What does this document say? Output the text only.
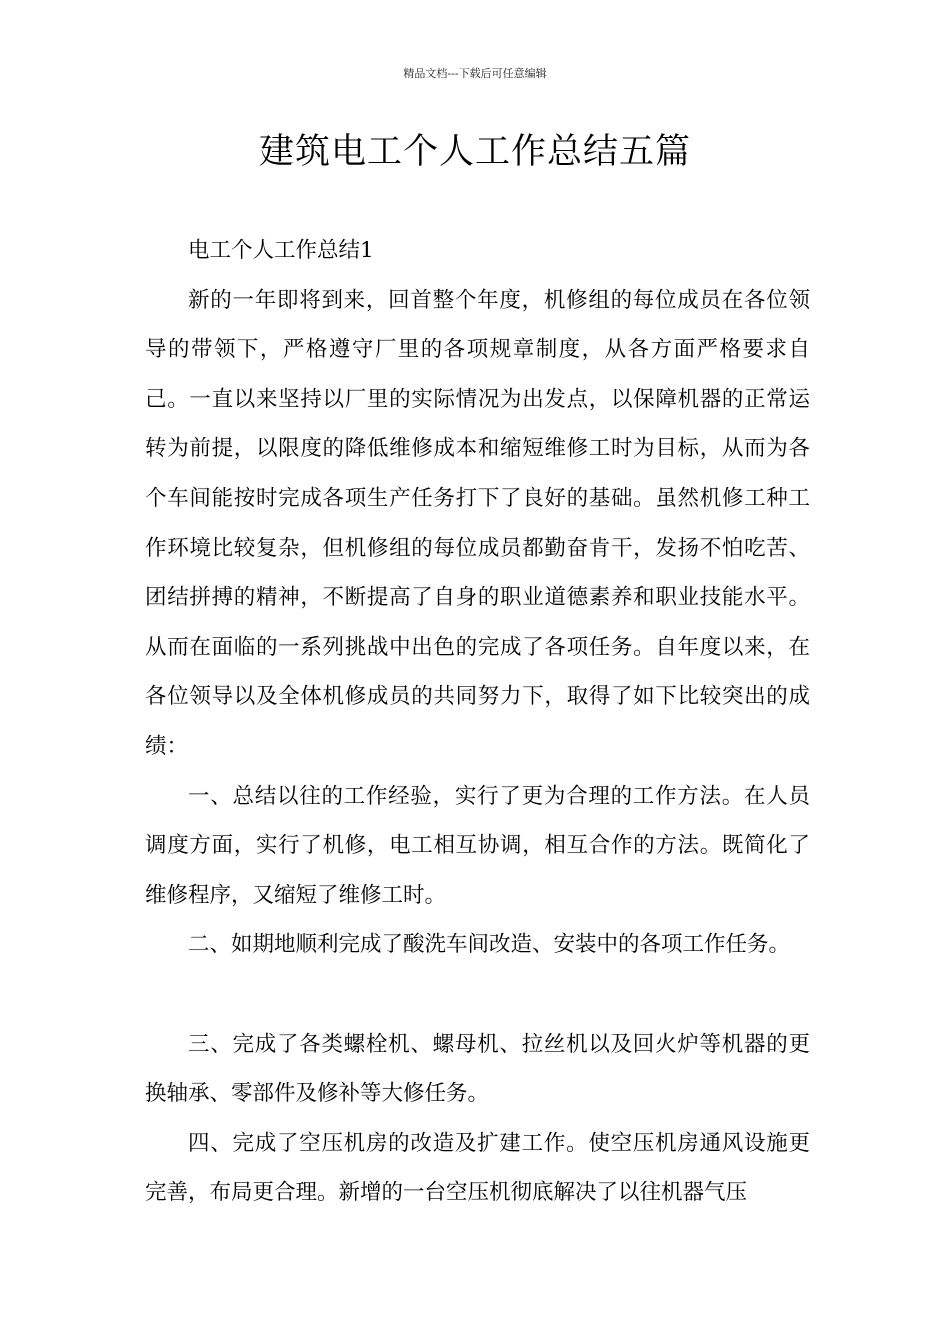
精品文档---下载后可任意编辑
建筑电工个人工作总结五篇

电工个人工作总结1

新的一年即将到来，回首整个年度，机修组的每位成员在各位领导的带领下，严格遵守厂里的各项规章制度，从各方面严格要求自己。一直以来坚持以厂里的实际情况为出发点，以保障机器的正常运转为前提，以限度的降低维修成本和缩短维修工时为目标，从而为各个车间能按时完成各项生产任务打下了良好的基础。虽然机修工种工作环境比较复杂，但机修组的每位成员都勤奋肯干，发扬不怕吃苦、团结拼搏的精神，不断提高了自身的职业道德素养和职业技能水平。从而在面临的一系列挑战中出色的完成了各项任务。自年度以来，在各位领导以及全体机修成员的共同努力下，取得了如下比较突出的成绩：

一、总结以往的工作经验，实行了更为合理的工作方法。在人员调度方面，实行了机修，电工相互协调，相互合作的方法。既简化了维修程序，又缩短了维修工时。

二、如期地顺利完成了酸洗车间改造、安装中的各项工作任务。

三、完成了各类螺栓机、螺母机、拉丝机以及回火炉等机器的更换轴承、零部件及修补等大修任务。

四、完成了空压机房的改造及扩建工作。使空压机房通风设施更完善，布局更合理。新增的一台空压机彻底解决了以往机器气压
